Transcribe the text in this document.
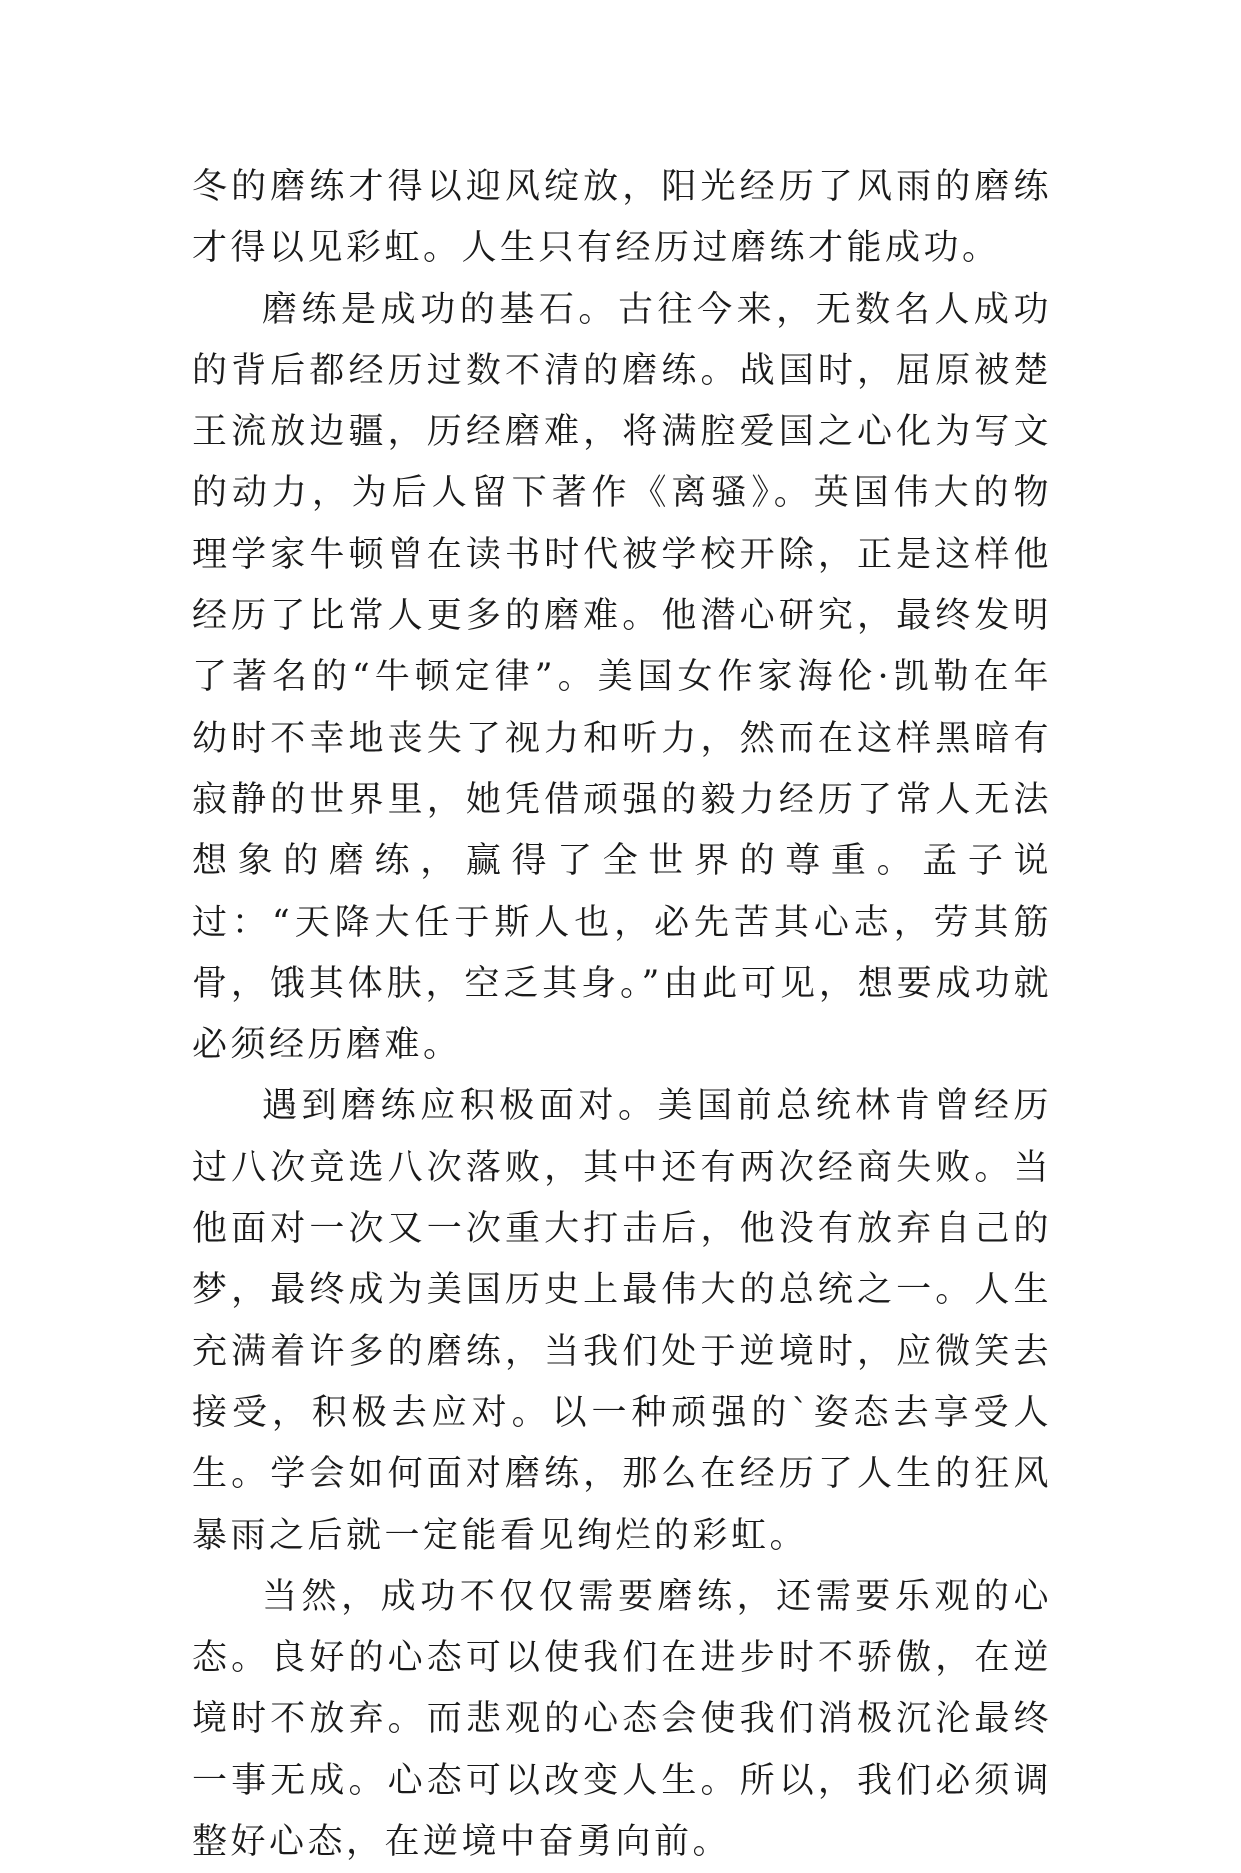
冬的磨练才得以迎风绽放，阳光经历了风雨的磨练才得以见彩虹。人生只有经历过磨练才能成功。

磨练是成功的基石。古往今来，无数名人成功的背后都经历过数不清的磨练。战国时，屈原被楚王流放边疆，历经磨难，将满腔爱国之心化为写文的动力，为后人留下著作《离骚》。英国伟大的物理学家牛顿曾在读书时代被学校开除，正是这样他经历了比常人更多的磨难。他潜心研究，最终发明了著名的“牛顿定律”。美国女作家海伦·凯勒在年幼时不幸地丧失了视力和听力，然而在这样黑暗有寂静的世界里，她凭借顽强的毅力经历了常人无法想象的磨练，赢得了全世界的尊重。孟子说过：“天降大任于斯人也，必先苦其心志，劳其筋骨，饿其体肤，空乏其身。”由此可见，想要成功就必须经历磨难。

遇到磨练应积极面对。美国前总统林肯曾经历过八次竞选八次落败，其中还有两次经商失败。当他面对一次又一次重大打击后，他没有放弃自己的梦，最终成为美国历史上最伟大的总统之一。人生充满着许多的磨练，当我们处于逆境时，应微笑去接受，积极去应对。以一种顽强的`姿态去享受人生。学会如何面对磨练，那么在经历了人生的狂风暴雨之后就一定能看见绚烂的彩虹。

当然，成功不仅仅需要磨练，还需要乐观的心态。良好的心态可以使我们在进步时不骄傲，在逆境时不放弃。而悲观的心态会使我们消极沉沦最终一事无成。心态可以改变人生。所以，我们必须调整好心态，在逆境中奋勇向前。
